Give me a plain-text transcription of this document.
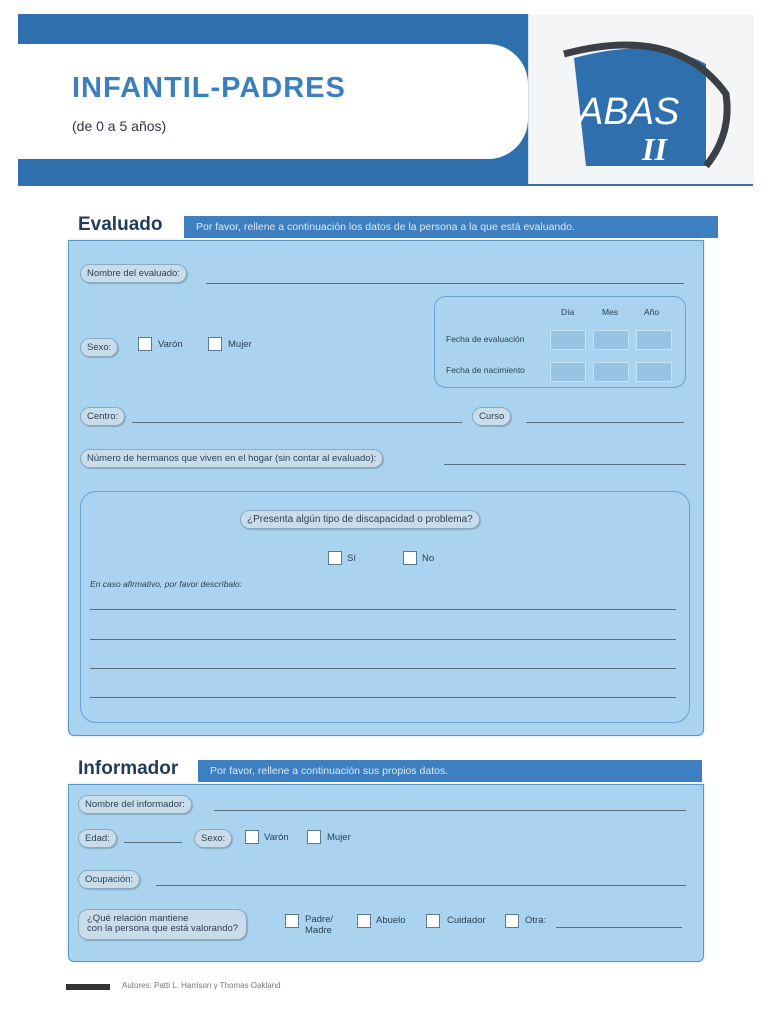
INFANTIL-PADRES
(de 0 a 5 años)	ABAS
II
Evaluado	Por favor, rellene a continuación los datos de la persona a la que está evaluando.
Nombre del evaluado:
Día	Mes	Año
Fecha de evaluación
Fecha de nacimiento
Sexo:	Varón	Mujer
Centro:	Curso
Número de hermanos que viven en el hogar (sin contar al evaluado):
¿Presenta algún tipo de discapacidad o problema?
Sí	No
En caso afirmativo, por favor descríbalo:
Informador	Por favor, rellene a continuación sus propios datos.
Nombre del informador:
Edad:	Sexo:	Varón	Mujer
Ocupación:
¿Qué relación mantiene
con la persona que está valorando?
Padre/
Madre
Abuelo	Cuidador	Otra:
Autores: Patti L. Harrison y Thomas Oakland
